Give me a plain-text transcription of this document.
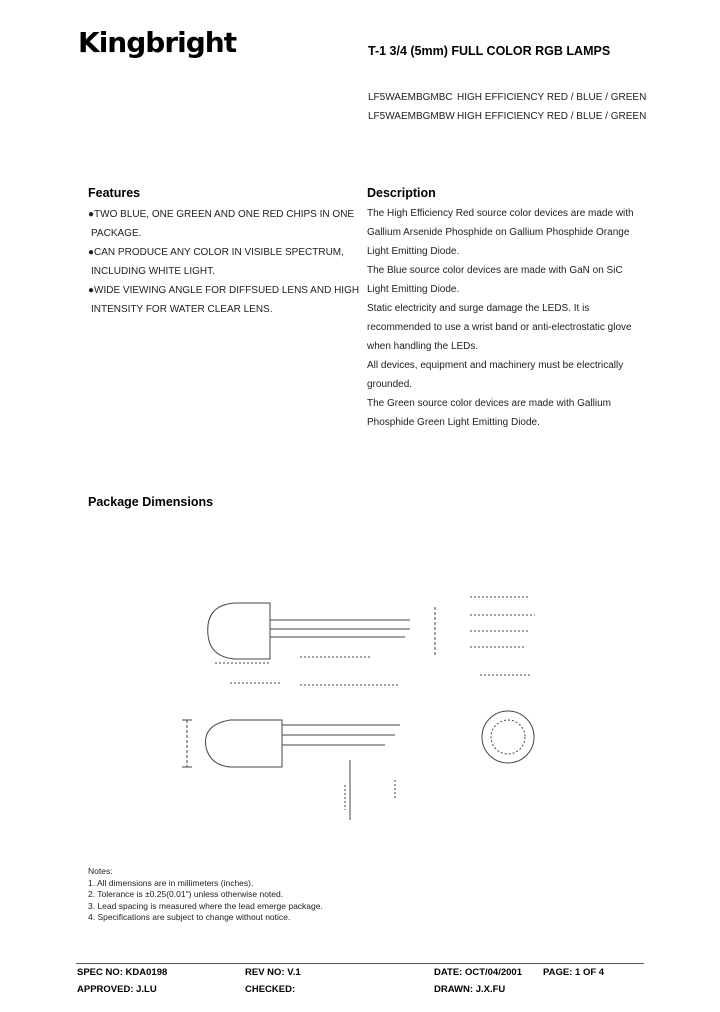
Kingbright	T-1 3/4 (5mm) FULL COLOR RGB LAMPS
LF5WAEMBGMBC HIGH EFFICIENCY RED / BLUE / GREEN
LF5WAEMBGMBW HIGH EFFICIENCY RED / BLUE / GREEN
Features
●TWO BLUE, ONE GREEN AND ONE RED CHIPS IN ONE
PACKAGE.
●CAN PRODUCE ANY COLOR IN VISIBLE SPECTRUM,
INCLUDING WHITE LIGHT.
●WIDE VIEWING ANGLE FOR DIFFSUED LENS AND HIGH
INTENSITY FOR WATER CLEAR LENS.
Description
The High Efficiency Red source color devices are made with
Gallium Arsenide Phosphide on Gallium Phosphide Orange
Light Emitting Diode.
The Blue source color devices are made with GaN on SiC
Light Emitting Diode.
Static electricity and surge damage the LEDS. It is
recommended to use a wrist band or anti-electrostatic glove
when handling the LEDs.
All devices, equipment and machinery must be electrically
grounded.
The Green source color devices are made with Gallium
Phosphide Green Light Emitting Diode.
Package Dimensions
Notes:
1. All dimensions are in millimeters (inches).
2. Tolerance is ±0.25(0.01") unless otherwise noted.
3. Lead spacing is measured where the lead emerge package.
4. Specifications are subject to change without notice.
SPEC NO: KDA0198	REV NO: V.1	DATE: OCT/04/2001 PAGE: 1 OF 4
APPROVED: J.LU	CHECKED:	DRAWN: J.X.FU
